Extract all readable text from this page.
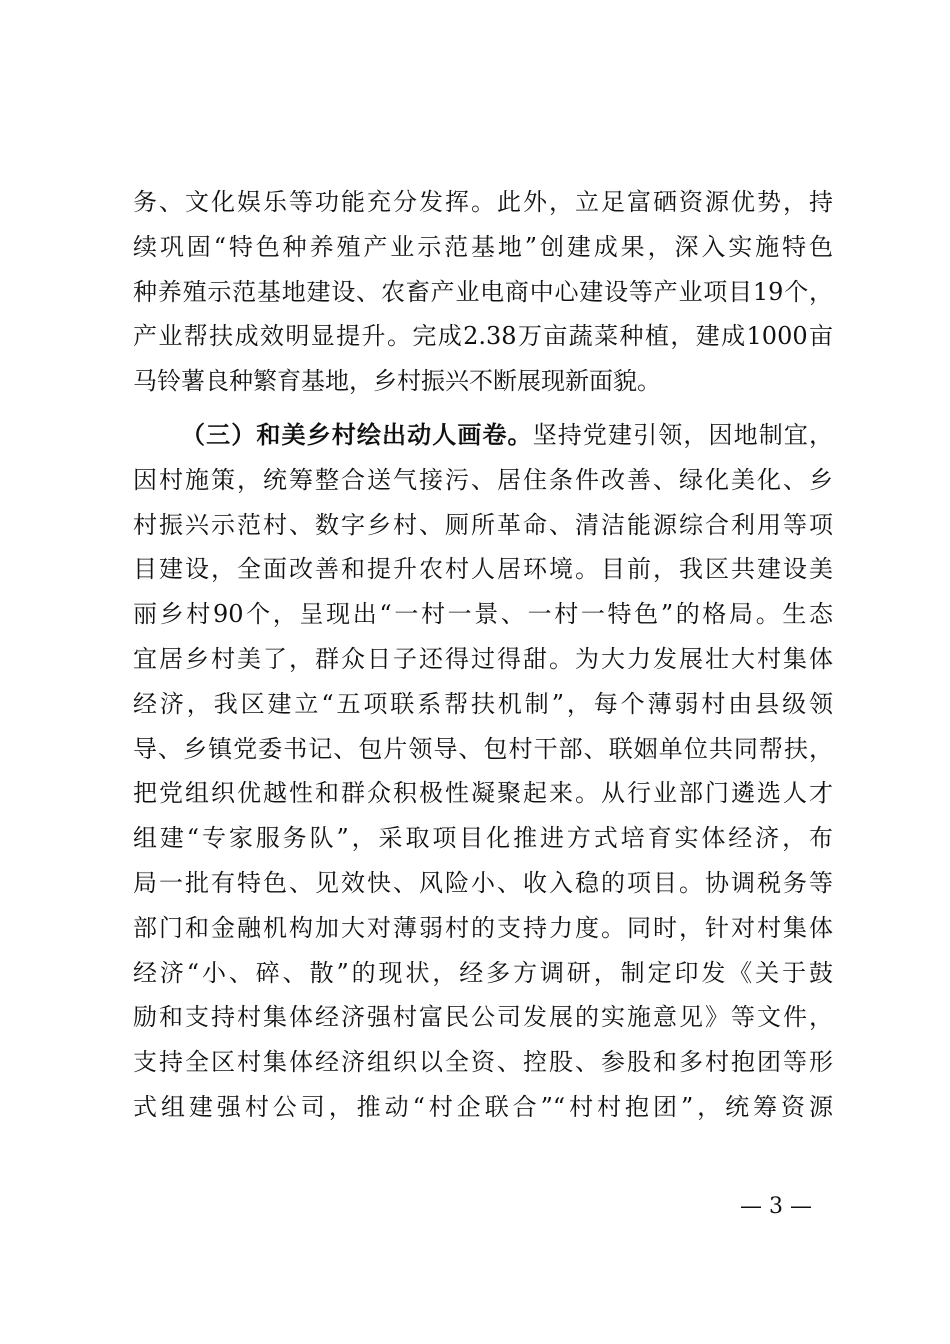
务、文化娱乐等功能充分发挥。此外，立足富硒资源优势，持
续巩固“特色种养殖产业示范基地”创建成果，深入实施特色
种养殖示范基地建设、农畜产业电商中心建设等产业项目19个，
产业帮扶成效明显提升。完成2.38万亩蔬菜种植，建成1000亩
马铃薯良种繁育基地，乡村振兴不断展现新面貌。
（三）和美乡村绘出动人画卷。坚持党建引领，因地制宜，
因村施策，统筹整合送气接污、居住条件改善、绿化美化、乡
村振兴示范村、数字乡村、厕所革命、清洁能源综合利用等项
目建设，全面改善和提升农村人居环境。目前，我区共建设美
丽乡村90个，呈现出“一村一景、一村一特色”的格局。生态
宜居乡村美了，群众日子还得过得甜。为大力发展壮大村集体
经济，我区建立“五项联系帮扶机制”，每个薄弱村由县级领
导、乡镇党委书记、包片领导、包村干部、联姻单位共同帮扶，
把党组织优越性和群众积极性凝聚起来。从行业部门遴选人才
组建“专家服务队”，采取项目化推进方式培育实体经济，布
局一批有特色、见效快、风险小、收入稳的项目。协调税务等
部门和金融机构加大对薄弱村的支持力度。同时，针对村集体
经济“小、碎、散”的现状，经多方调研，制定印发《关于鼓
励和支持村集体经济强村富民公司发展的实施意见》等文件，
支持全区村集体经济组织以全资、控股、参股和多村抱团等形
式组建强村公司，推动“村企联合”“村村抱团”，统筹资源
— 3 —
